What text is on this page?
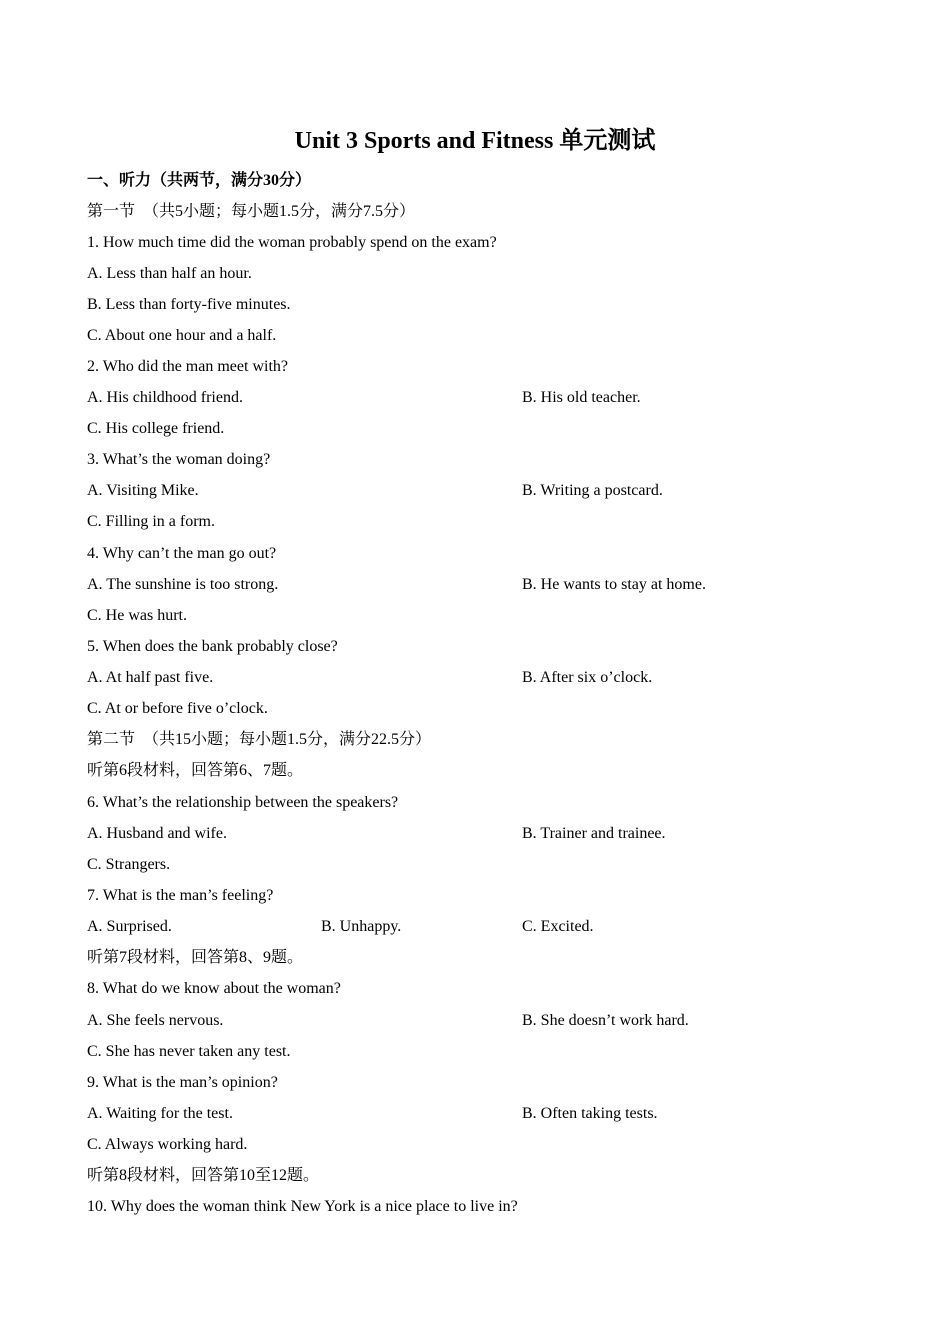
Unit 3 Sports and Fitness 单元测试
一、听力（共两节，满分30分）
第一节　（共5小题；每小题1.5分，满分7.5分）
1. How much time did the woman probably spend on the exam?
A. Less than half an hour.
B. Less than forty-five minutes.
C. About one hour and a half.
2. Who did the man meet with?
A. His childhood friend.	B. His old teacher.
C. His college friend.
3. What’s the woman doing?
A. Visiting Mike.	B. Writing a postcard.
C. Filling in a form.
4. Why can’t the man go out?
A. The sunshine is too strong.	B. He wants to stay at home.
C. He was hurt.
5. When does the bank probably close?
A. At half past five.	B. After six o’clock.
C. At or before five o’clock.
第二节　（共15小题；每小题1.5分，满分22.5分）
听第6段材料，回答第6、7题。
6. What’s the relationship between the speakers?
A. Husband and wife.	B. Trainer and trainee.
C. Strangers.
7. What is the man’s feeling?
A. Surprised.	B. Unhappy.	C. Excited.
听第7段材料，回答第8、9题。
8. What do we know about the woman?
A. She feels nervous.	B. She doesn’t work hard.
C. She has never taken any test.
9. What is the man’s opinion?
A. Waiting for the test.	B. Often taking tests.
C. Always working hard.
听第8段材料，回答第10至12题。
10. Why does the woman think New York is a nice place to live in?
